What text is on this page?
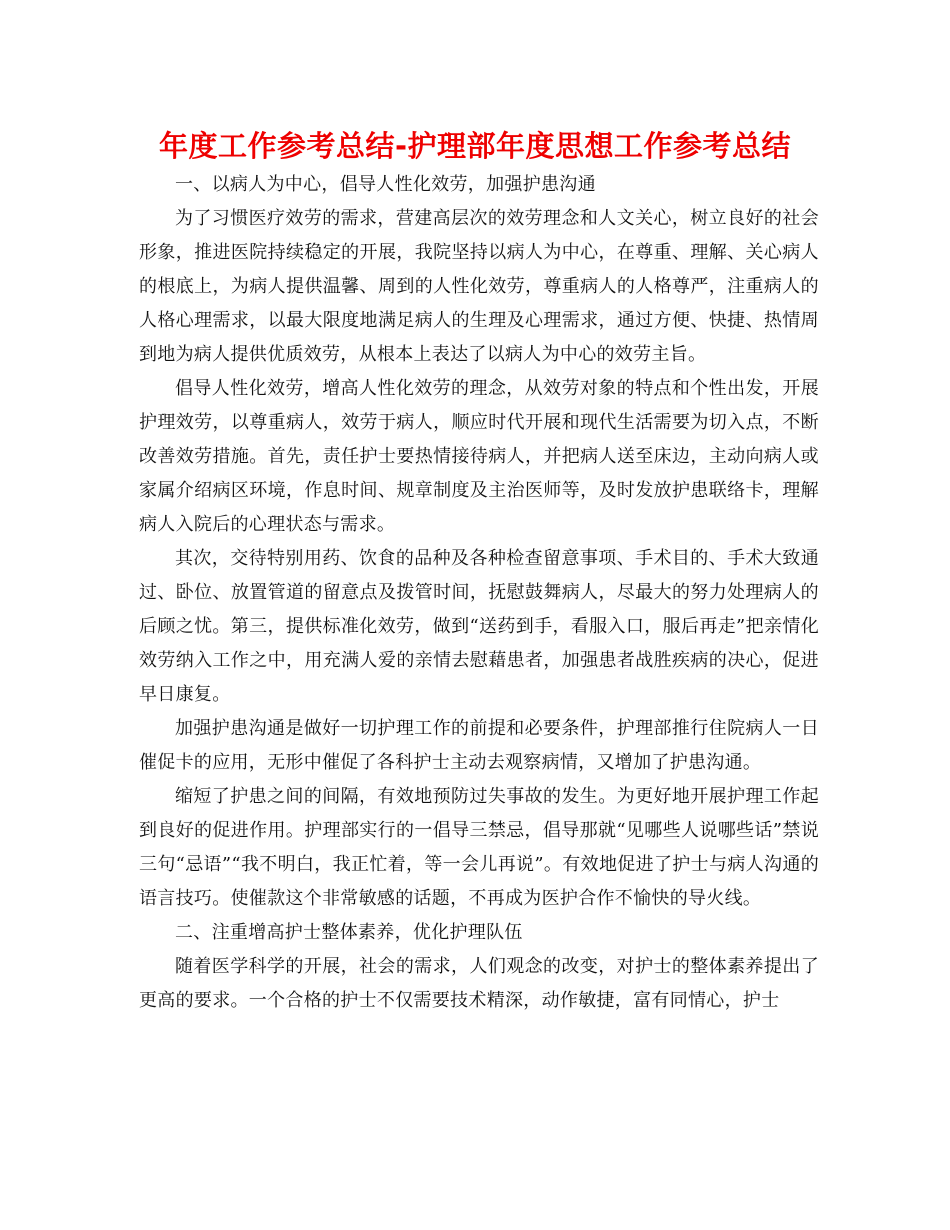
年度工作参考总结-护理部年度思想工作参考总结

一、以病人为中心，倡导人性化效劳，加强护患沟通

为了习惯医疗效劳的需求，营建高层次的效劳理念和人文关心，树立良好的社会形象，推进医院持续稳定的开展，我院坚持以病人为中心，在尊重、理解、关心病人的根底上，为病人提供温馨、周到的人性化效劳，尊重病人的人格尊严，注重病人的人格心理需求，以最大限度地满足病人的生理及心理需求，通过方便、快捷、热情周到地为病人提供优质效劳，从根本上表达了以病人为中心的效劳主旨。

倡导人性化效劳，增高人性化效劳的理念，从效劳对象的特点和个性出发，开展护理效劳，以尊重病人，效劳于病人，顺应时代开展和现代生活需要为切入点，不断改善效劳措施。首先，责任护士要热情接待病人，并把病人送至床边，主动向病人或家属介绍病区环境，作息时间、规章制度及主治医师等，及时发放护患联络卡，理解病人入院后的心理状态与需求。

其次，交待特别用药、饮食的品种及各种检查留意事项、手术目的、手术大致通过、卧位、放置管道的留意点及拨管时间，抚慰鼓舞病人，尽最大的努力处理病人的后顾之忧。第三，提供标准化效劳，做到“送药到手，看服入口，服后再走”把亲情化效劳纳入工作之中，用充满人爱的亲情去慰藉患者，加强患者战胜疾病的决心，促进早日康复。

加强护患沟通是做好一切护理工作的前提和必要条件，护理部推行住院病人一日催促卡的应用，无形中催促了各科护士主动去观察病情，又增加了护患沟通。

缩短了护患之间的间隔，有效地预防过失事故的发生。为更好地开展护理工作起到良好的促进作用。护理部实行的一倡导三禁忌，倡导那就“见哪些人说哪些话”禁说三句“忌语”“我不明白，我正忙着，等一会儿再说”。有效地促进了护士与病人沟通的语言技巧。使催款这个非常敏感的话题，不再成为医护合作不愉快的导火线。

二、注重增高护士整体素养，优化护理队伍

随着医学科学的开展，社会的需求，人们观念的改变，对护士的整体素养提出了更高的要求。一个合格的护士不仅需要技术精深，动作敏捷，富有同情心，护士
